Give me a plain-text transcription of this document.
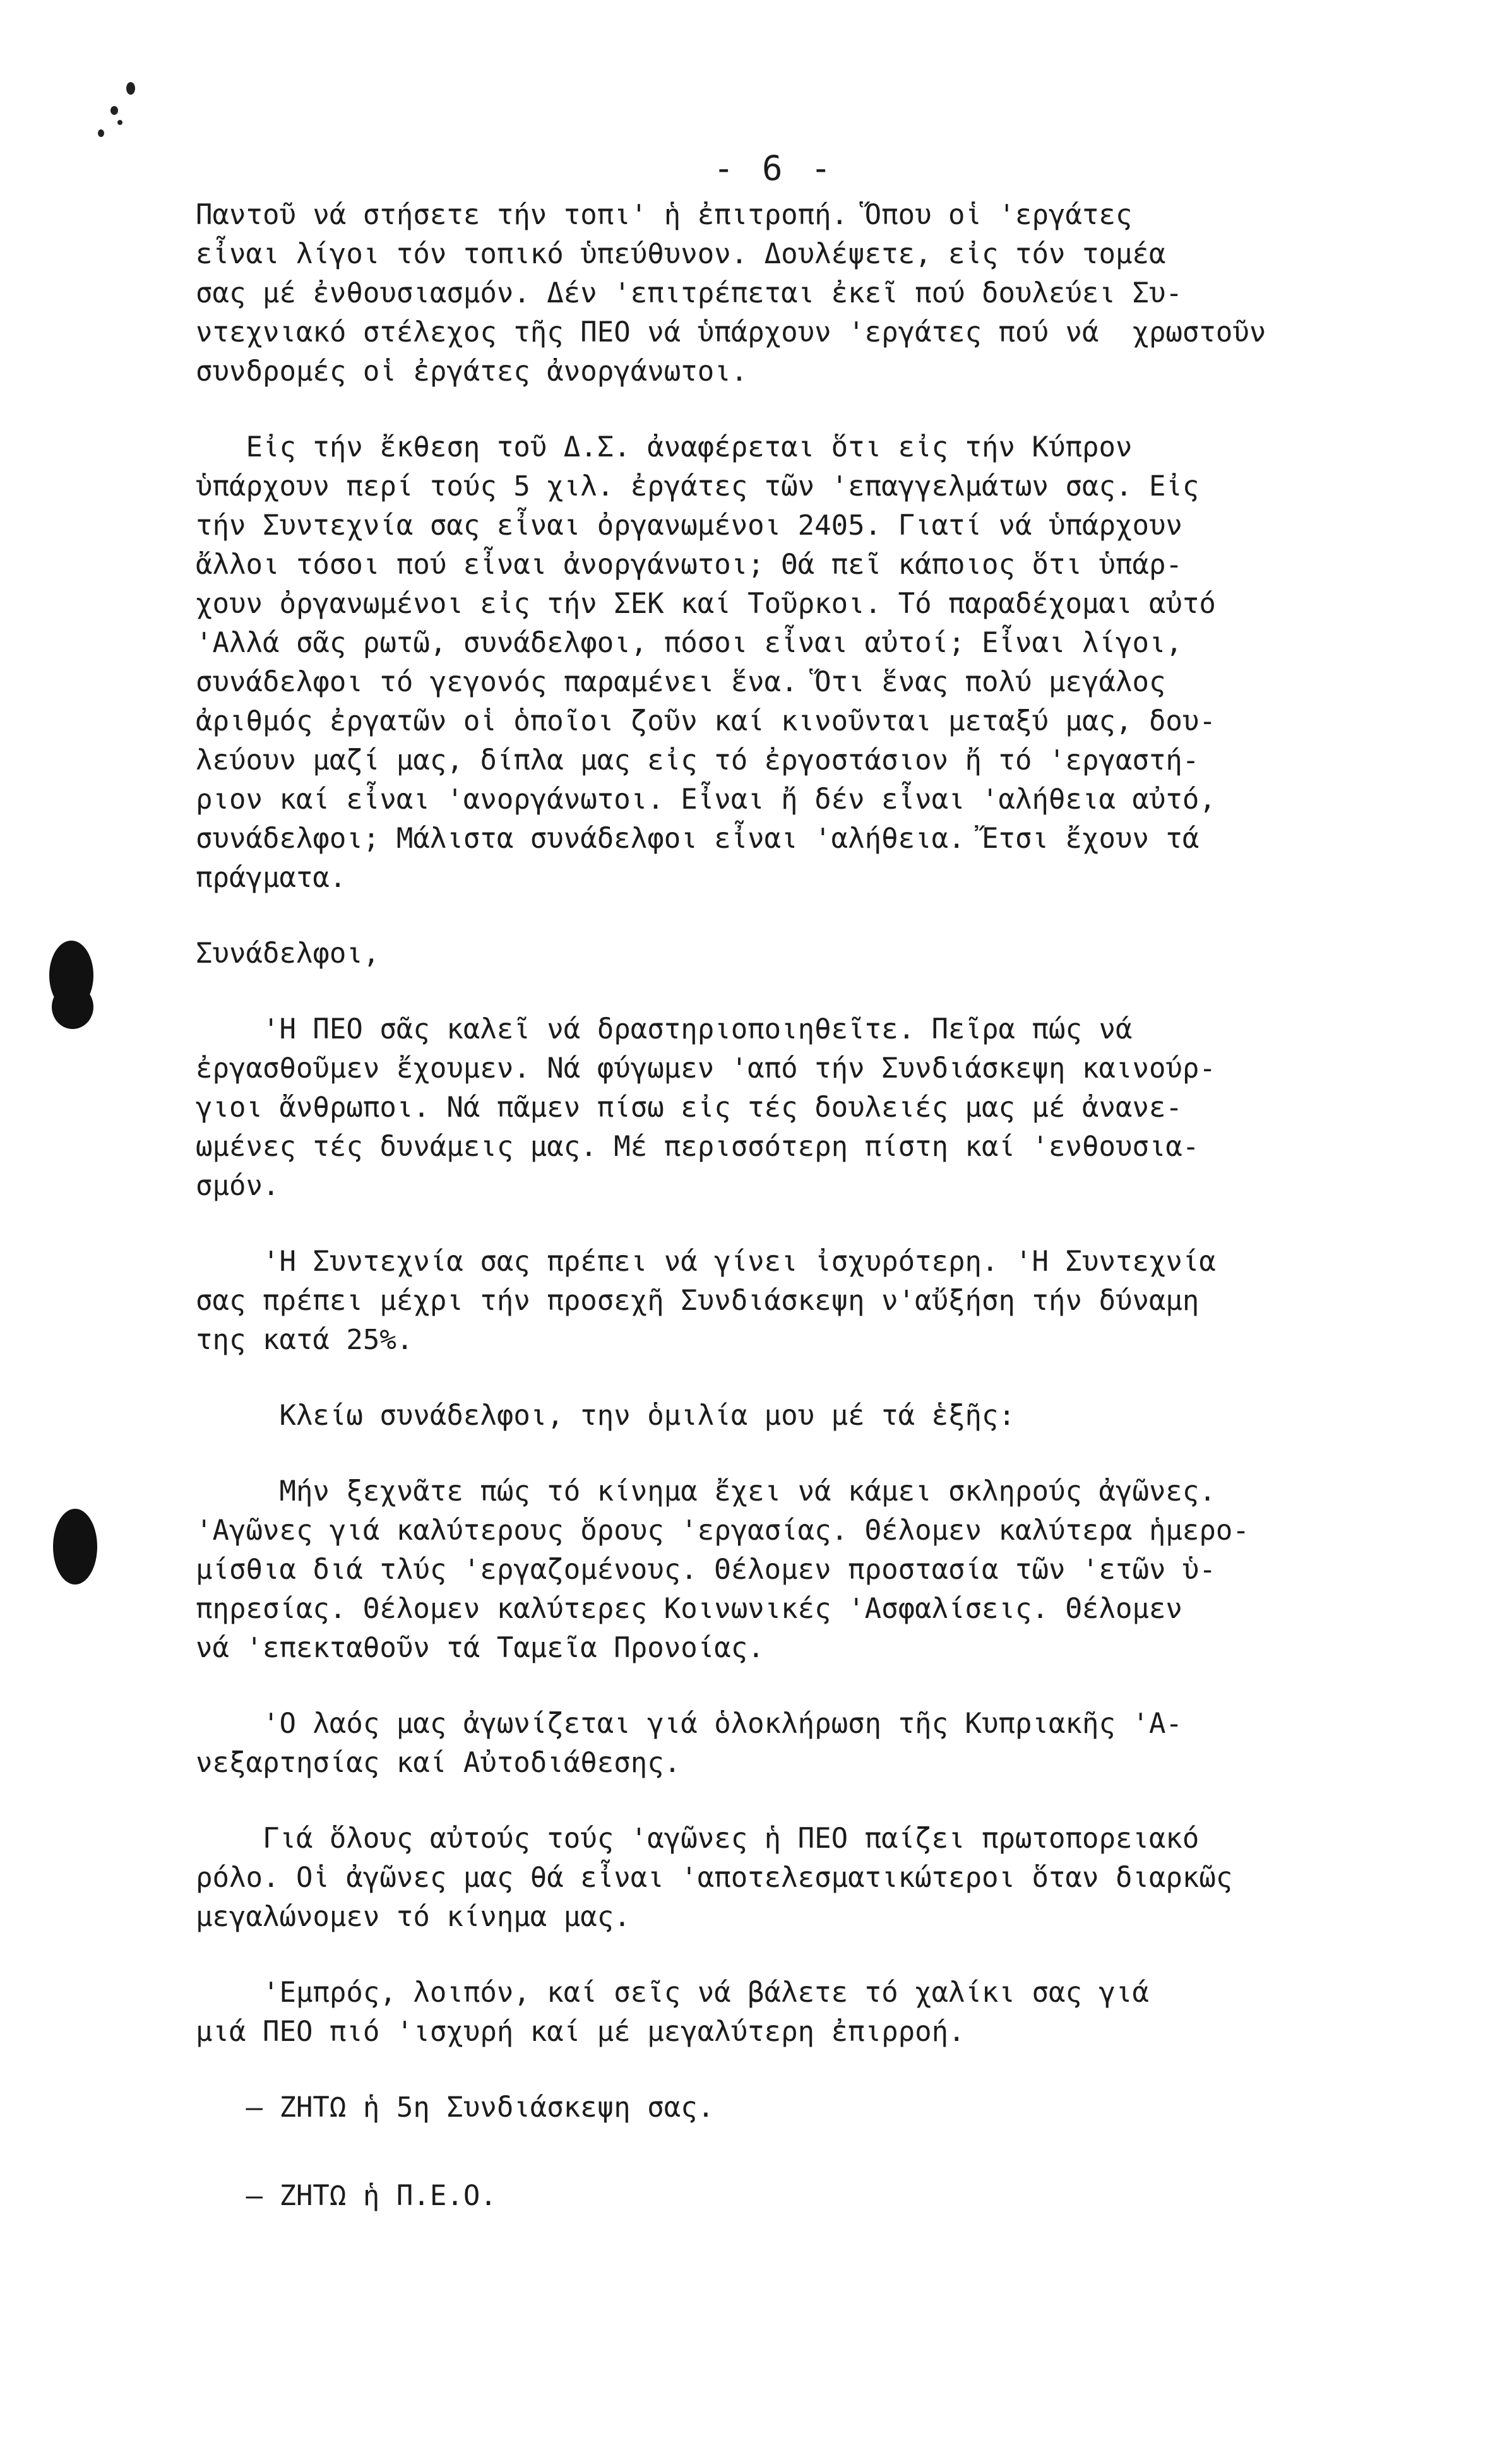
- 6 -

Παντοῦ νά στήσετε τήν τοπι' ἡ ἐπιτροπή. Ὅπου οἱ 'εργάτες
εἶναι λίγοι τόν τοπικό ὑπεύθυνον. Δουλέψετε, εἰς τόν τομέα
σας μέ ἐνθουσιασμόν. Δέν 'επιτρέπεται ἐκεῖ πού δουλεύει Συ-
ντεχνιακό στέλεχος τῆς ΠΕΟ νά ὑπάρχουν 'εργάτες πού νά  χρωστοῦν
συνδρομές οἱ ἐργάτες ἀνοργάνωτοι.

Εἰς τήν ἔκθεση τοῦ Δ.Σ. ἀναφέρεται ὅτι εἰς τήν Κύπρον
ὑπάρχουν περί τούς 5 χιλ. ἐργάτες τῶν 'επαγγελμάτων σας. Εἰς
τήν Συντεχνία σας εἶναι ὀργανωμένοι 2405. Γιατί νά ὑπάρχουν
ἄλλοι τόσοι πού εἶναι ἀνοργάνωτοι; Θά πεῖ κάποιος ὅτι ὑπάρ-
χουν ὀργανωμένοι εἰς τήν ΣΕΚ καί Τοῦρκοι. Τό παραδέχομαι αὐτό
'Αλλά σᾶς ρωτῶ, συνάδελφοι, πόσοι εἶναι αὐτοί; Εἶναι λίγοι,
συνάδελφοι τό γεγονός παραμένει ἕνα. Ὅτι ἕνας πολύ μεγάλος
ἀριθμός ἐργατῶν οἱ ὁποῖοι ζοῦν καί κινοῦνται μεταξύ μας, δου-
λεύουν μαζί μας, δίπλα μας εἰς τό ἐργοστάσιον ἤ τό 'εργαστή-
ριον καί εἶναι 'ανοργάνωτοι. Εἶναι ἤ δέν εἶναι 'αλήθεια αὐτό,
συνάδελφοι; Μάλιστα συνάδελφοι εἶναι 'αλήθεια. Ἔτσι ἔχουν τά
πράγματα.

Συνάδελφοι,

'Η ΠΕΟ σᾶς καλεῖ νά δραστηριοποιηθεῖτε. Πεῖρα πώς νά
ἐργασθοῦμεν ἔχουμεν. Νά φύγωμεν 'από τήν Συνδιάσκεψη καινούρ-
γιοι ἄνθρωποι. Νά πᾶμεν πίσω εἰς τές δουλειές μας μέ ἀνανε-
ωμένες τές δυνάμεις μας. Μέ περισσότερη πίστη καί 'ενθουσια-
σμόν.

'Η Συντεχνία σας πρέπει νά γίνει ἰσχυρότερη. 'Η Συντεχνία
σας πρέπει μέχρι τήν προσεχῆ Συνδιάσκεψη ν'αὔξήση τήν δύναμη
της κατά 25%.

Κλείω συνάδελφοι, την ὁμιλία μου μέ τά ἑξῆς:

Μήν ξεχνᾶτε πώς τό κίνημα ἔχει νά κάμει σκληρούς ἀγῶνες.
'Αγῶνες γιά καλύτερους ὅρους 'εργασίας. Θέλομεν καλύτερα ἡμερο-
μίσθια διά τλύς 'εργαζομένους. Θέλομεν προστασία τῶν 'ετῶν ὑ-
πηρεσίας. Θέλομεν καλύτερες Κοινωνικές 'Ασφαλίσεις. Θέλομεν
νά 'επεκταθοῦν τά Ταμεῖα Προνοίας.

'Ο λαός μας ἀγωνίζεται γιά ὁλοκλήρωση τῆς Κυπριακῆς 'Α-
νεξαρτησίας καί Αὐτοδιάθεσης.

Γιά ὅλους αὐτούς τούς 'αγῶνες ἡ ΠΕΟ παίζει πρωτοπορειακό
ρόλο. Οἱ ἀγῶνες μας θά εἶναι 'αποτελεσματικώτεροι ὅταν διαρκῶς
μεγαλώνομεν τό κίνημα μας.

'Εμπρός, λοιπόν, καί σεῖς νά βάλετε τό χαλίκι σας γιά
μιά ΠΕΟ πιό 'ισχυρή καί μέ μεγαλύτερη ἐπιρροή.

— ΖΗΤΩ ἡ 5η Συνδιάσκεψη σας.
— ΖΗΤΩ ἡ Π.Ε.Ο.
